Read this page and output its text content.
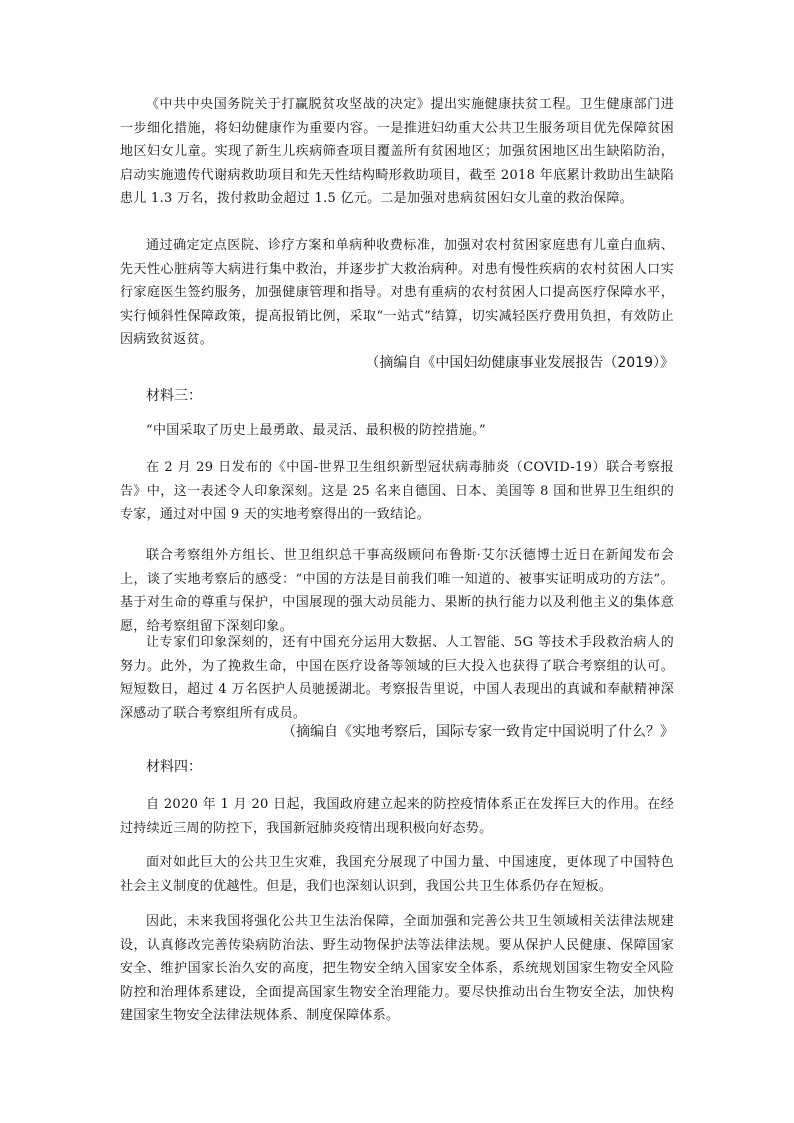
《中共中央国务院关于打赢脱贫攻坚战的决定》提出实施健康扶贫工程。卫生健康部门进一步细化措施，将妇幼健康作为重要内容。一是推进妇幼重大公共卫生服务项目优先保障贫困地区妇女儿童。实现了新生儿疾病筛查项目覆盖所有贫困地区；加强贫困地区出生缺陷防治，启动实施遗传代谢病救助项目和先天性结构畸形救助项目，截至 2018 年底累计救助出生缺陷患儿 1.3 万名，拨付救助金超过 1.5 亿元。二是加强对患病贫困妇女儿童的救治保障。

通过确定定点医院、诊疗方案和单病种收费标准，加强对农村贫困家庭患有儿童白血病、先天性心脏病等大病进行集中救治，并逐步扩大救治病种。对患有慢性疾病的农村贫困人口实行家庭医生签约服务，加强健康管理和指导。对患有重病的农村贫困人口提高医疗保障水平，实行倾斜性保障政策，提高报销比例，采取“一站式”结算，切实减轻医疗费用负担，有效防止因病致贫返贫。

（摘编自《中国妇幼健康事业发展报告（2019）》

材料三：

“中国采取了历史上最勇敢、最灵活、最积极的防控措施。”

在 2 月 29 日发布的《中国-世界卫生组织新型冠状病毒肺炎（COVID-19）联合考察报告》中，这一表述令人印象深刻。这是 25 名来自德国、日本、美国等 8 国和世界卫生组织的专家，通过对中国 9 天的实地考察得出的一致结论。

联合考察组外方组长、世卫组织总干事高级顾问布鲁斯·艾尔沃德博士近日在新闻发布会上，谈了实地考察后的感受：“中国的方法是目前我们唯一知道的、被事实证明成功的方法”。基于对生命的尊重与保护，中国展现的强大动员能力、果断的执行能力以及利他主义的集体意愿，给考察组留下深刻印象。

让专家们印象深刻的，还有中国充分运用大数据、人工智能、5G 等技术手段救治病人的努力。此外，为了挽救生命，中国在医疗设备等领域的巨大投入也获得了联合考察组的认可。短短数日，超过 4 万名医护人员驰援湖北。考察报告里说，中国人表现出的真诚和奉献精神深深感动了联合考察组所有成员。

（摘编自《实地考察后，国际专家一致肯定中国说明了什么？》

材料四：

自 2020 年 1 月 20 日起，我国政府建立起来的防控疫情体系正在发挥巨大的作用。在经过持续近三周的防控下，我国新冠肺炎疫情出现积极向好态势。

面对如此巨大的公共卫生灾难，我国充分展现了中国力量、中国速度，更体现了中国特色社会主义制度的优越性。但是，我们也深刻认识到，我国公共卫生体系仍存在短板。

因此，未来我国将强化公共卫生法治保障，全面加强和完善公共卫生领域相关法律法规建设，认真修改完善传染病防治法、野生动物保护法等法律法规。要从保护人民健康、保障国家安全、维护国家长治久安的高度，把生物安全纳入国家安全体系，系统规划国家生物安全风险防控和治理体系建设，全面提高国家生物安全治理能力。要尽快推动出台生物安全法，加快构建国家生物安全法律法规体系、制度保障体系。
